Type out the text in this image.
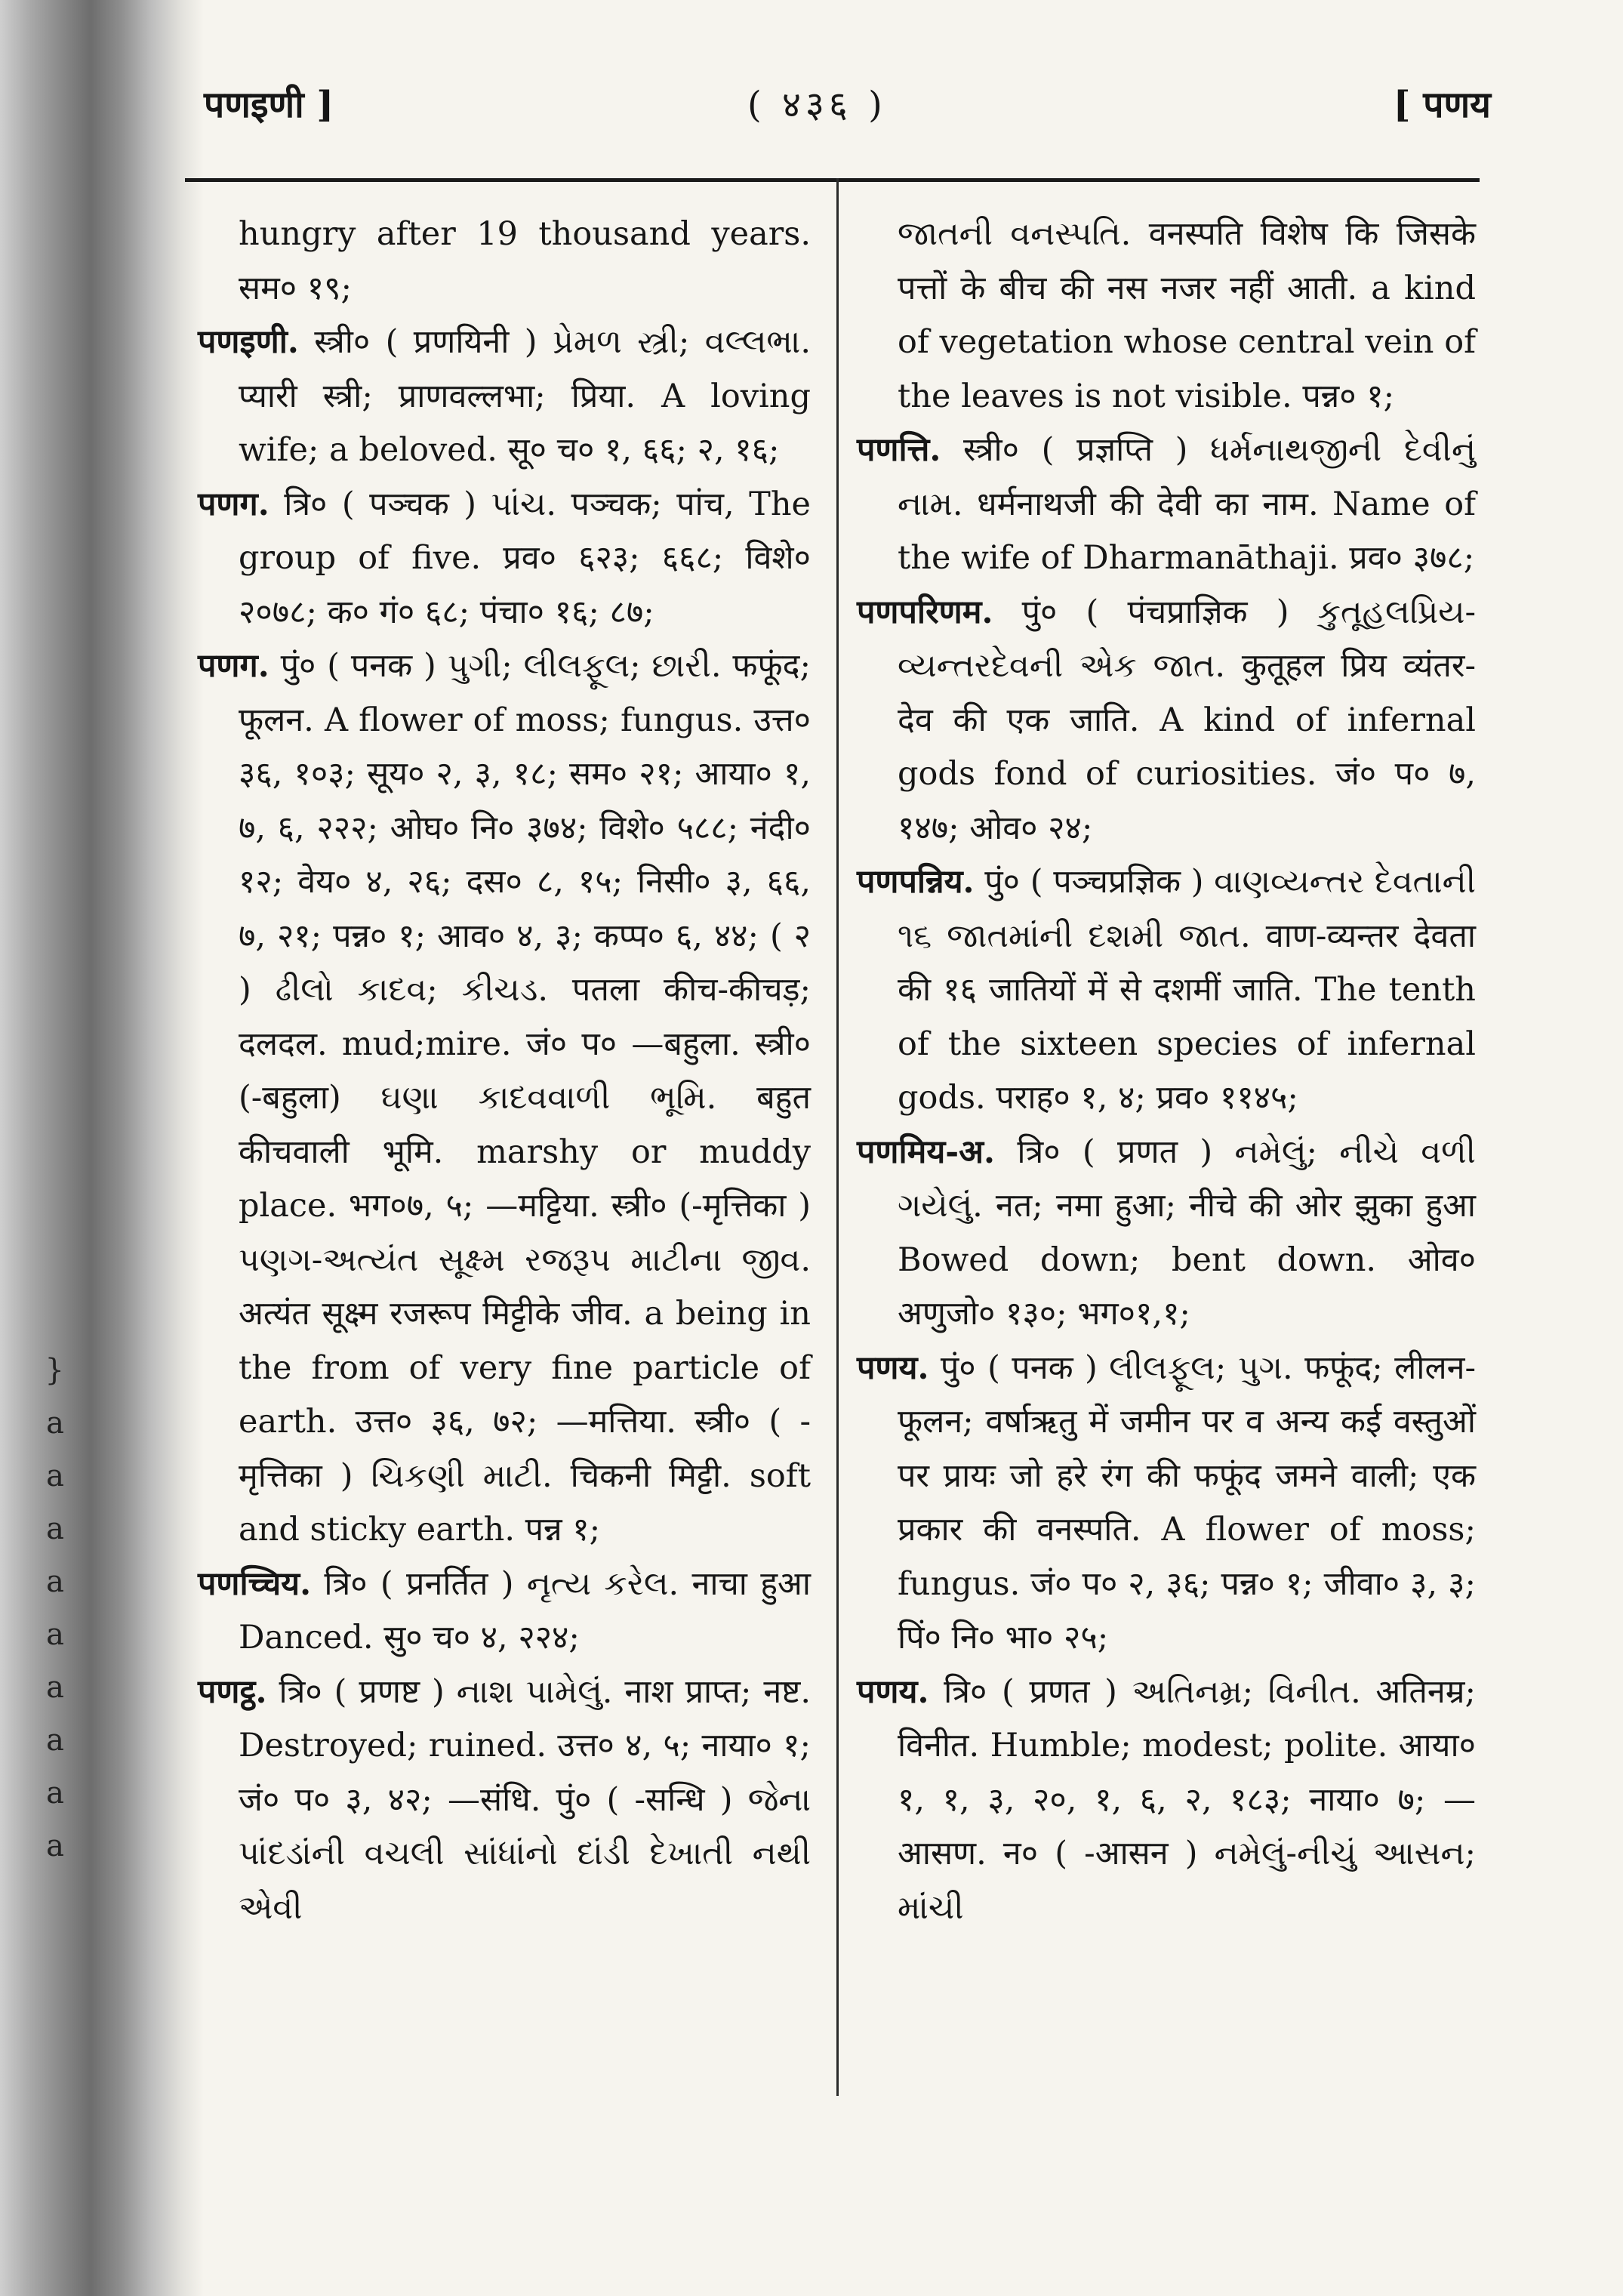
}
a
a
a
a
a
a
a
a
a
पणइणी ]	( ४३६ )	[ पणय

hungry after 19 thousand years. सम० १९;

पणइणी. स्त्री० ( प्रणयिनी ) પ્રેમળ સ્ત્રી; વલ્લભા. प्यारी स्त्री; प्राणवल्लभा; प्रिया. A loving wife; a beloved. सू० च० १, ६६; २, १६;

पणग. त्रि० ( पञ्चक ) પાંચ. पञ्चक; पांच, The group of five. प्रव० ६२३; ६६८; विशे० २०७८; क० गं० ६८; पंचा० १६; ८७;

पणग. पुं० ( पनक ) પુગી; લીલફૂલ; છારી. फफूंद; फूलन. A flower of moss; fungus. उत्त० ३६, १०३; सूय० २, ३, १८; सम० २१; आया० १, ७, ६, २२२; ओघ० नि० ३७४; विशे० ५८८; नंदी० १२; वेय० ४, २६; दस० ८, १५; निसी० ३, ६६, ७, २१; पन्न० १; आव० ४, ३; कप्प० ६, ४४; ( २ ) ઢીલો કાદવ; કીચડ. पतला कीच-कीचड़; दलदल. mud;mire. जं० प० —बहुला. स्त्री० (-बहुला) ઘણા કાદવવાળી ભૂમિ. बहुत कीचवाली भूमि. marshy or muddy place. भग०७, ५; —मट्टिया. स्त्री० (-मृत्तिका ) પણગ-અત્યંત સૂક્ષ્મ રજરૂપ માટીના જીવ. अत्यंत सूक्ष्म रजरूप मिट्टीके जीव. a being in the from of very fine particle of earth. उत्त० ३६, ७२; —मत्तिया. स्त्री० ( -मृत्तिका ) ચિકણી માટી. चिकनी मिट्टी. soft and sticky earth. पन्न १;

पणच्चिय. त्रि० ( प्रनर्तित ) નૃત્ય કરેલ. नाचा हुआ Danced. सु० च० ४, २२४;

पणट्ठ. त्रि० ( प्रणष्ट ) નાશ પામેલું. नाश प्राप्त; नष्ट. Destroyed; ruined. उत्त० ४, ५; नाया० १; जं० प० ३, ४२; —संधि. पुं० ( -सन्धि ) જેના પાંદડાંની વચલી સાંધાંનો દાંડી દેખાતી નથી એવી

જાતની વનસ્પતિ. वनस्पति विशेष कि जिसके पत्तों के बीच की नस नजर नहीं आती. a kind of vegetation whose central vein of the leaves is not visible. पन्न० १;

पणत्ति. स्त्री० ( प्रज्ञप्ति ) ધર્મનાથજીની દેવીનું નામ. धर्मनाथजी की देवी का नाम. Name of the wife of Dharmanāthaji. प्रव० ३७८;

पणपरिणम. पुं० ( पंचप्राज्ञिक ) કુતૂહલપ્રિય-વ્યન્તરદેવની એક જાત. कुतूहल प्रिय व्यंतर-देव की एक जाति. A kind of infernal gods fond of curiosities. जं० प० ७, १४७; ओव० २४;

पणपन्निय. पुं० ( पञ्चप्रज्ञिक ) વાણવ્યન્તર દેવતાની ૧૬ જાતમાંની દશમી જાત. वाण-व्यन्तर देवता की १६ जातियों में से दशमीं जाति. The tenth of the sixteen species of infernal gods. पराह० १, ४; प्रव० ११४५;

पणमिय-अ. त्रि० ( प्रणत ) નમેલું; નીચે વળી ગયેલું. नत; नमा हुआ; नीचे की ओर झुका हुआ Bowed down; bent down. ओव० अणुजो० १३०; भग०१,१;

पणय. पुं० ( पनक ) લીલફૂલ; પુગ. फफूंद; लीलन-फूलन; वर्षाऋतु में जमीन पर व अन्य कई वस्तुओं पर प्रायः जो हरे रंग की फफूंद जमने वाली; एक प्रकार की वनस्पति. A flower of moss; fungus. जं० प० २, ३६; पन्न० १; जीवा० ३, ३; पिं० नि० भा० २५;

पणय. त्रि० ( प्रणत ) અતિનમ્ર; વિનીત. अतिनम्र; विनीत. Humble; modest; polite. आया० १, १, ३, २०, १, ६, २, १८३; नाया० ७; —आसण. न० ( -आसन ) નમેલું-નીચું આસન; માંચી
